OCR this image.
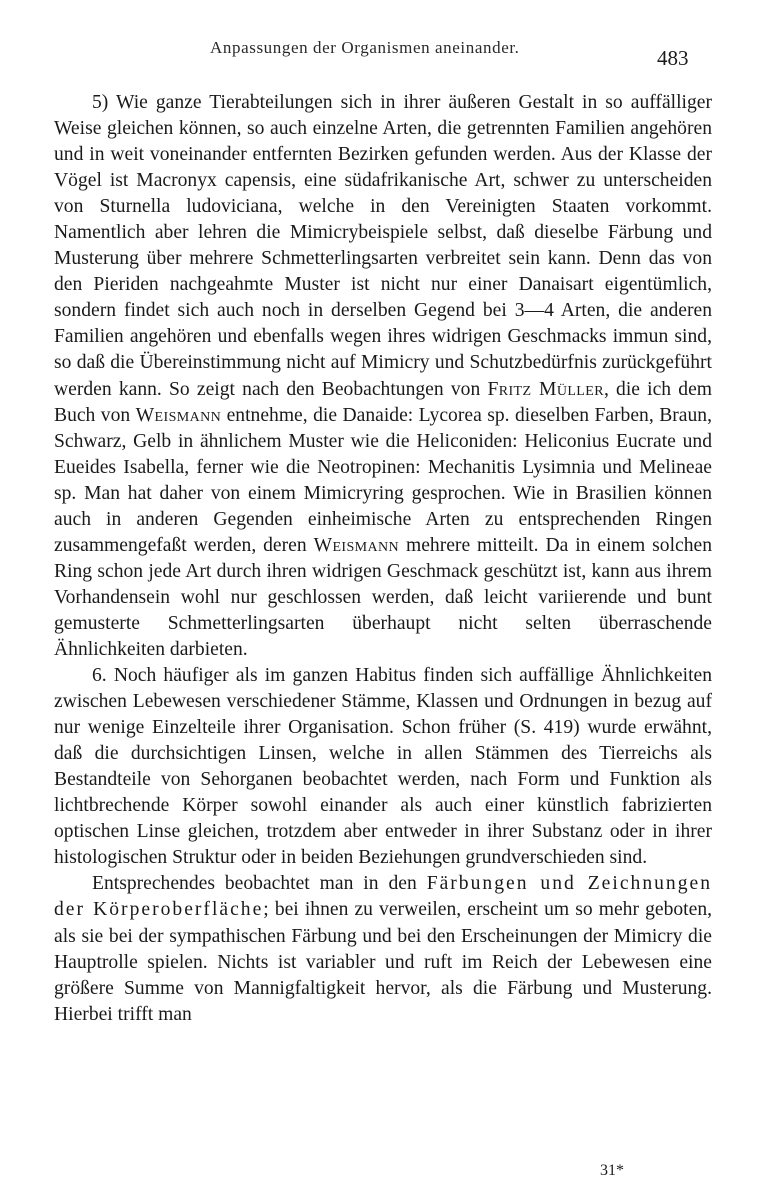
Anpassungen der Organismen aneinander.	483

5) Wie ganze Tierabteilungen sich in ihrer äußeren Gestalt in so auffälliger Weise gleichen können, so auch einzelne Arten, die getrennten Familien angehören und in weit voneinander entfernten Bezirken gefunden werden. Aus der Klasse der Vögel ist Macronyx capensis, eine südafrikanische Art, schwer zu unterscheiden von Sturnella ludoviciana, welche in den Vereinigten Staaten vorkommt. Namentlich aber lehren die Mimicrybeispiele selbst, daß dieselbe Färbung und Musterung über mehrere Schmetterlingsarten verbreitet sein kann. Denn das von den Pieriden nachgeahmte Muster ist nicht nur einer Danaisart eigentümlich, sondern findet sich auch noch in derselben Gegend bei 3—4 Arten, die anderen Familien angehören und ebenfalls wegen ihres widrigen Geschmacks immun sind, so daß die Übereinstimmung nicht auf Mimicry und Schutzbedürfnis zurückgeführt werden kann. So zeigt nach den Beobachtungen von Fritz Müller, die ich dem Buch von Weismann entnehme, die Danaide: Lycorea sp. dieselben Farben, Braun, Schwarz, Gelb in ähnlichem Muster wie die Heliconiden: Heliconius Eucrate und Eueides Isabella, ferner wie die Neotropinen: Mechanitis Lysimnia und Melineae sp. Man hat daher von einem Mimicryring gesprochen. Wie in Brasilien können auch in anderen Gegenden einheimische Arten zu entsprechenden Ringen zusammengefaßt werden, deren Weismann mehrere mitteilt. Da in einem solchen Ring schon jede Art durch ihren widrigen Geschmack geschützt ist, kann aus ihrem Vorhandensein wohl nur geschlossen werden, daß leicht variierende und bunt gemusterte Schmetterlingsarten überhaupt nicht selten überraschende Ähnlichkeiten darbieten.

6. Noch häufiger als im ganzen Habitus finden sich auffällige Ähnlichkeiten zwischen Lebewesen verschiedener Stämme, Klassen und Ordnungen in bezug auf nur wenige Einzelteile ihrer Organisation. Schon früher (S. 419) wurde erwähnt, daß die durchsichtigen Linsen, welche in allen Stämmen des Tierreichs als Bestandteile von Sehorganen beobachtet werden, nach Form und Funktion als lichtbrechende Körper sowohl einander als auch einer künstlich fabrizierten optischen Linse gleichen, trotzdem aber entweder in ihrer Substanz oder in ihrer histologischen Struktur oder in beiden Beziehungen grundverschieden sind.

Entsprechendes beobachtet man in den Färbungen und Zeichnungen der Körperoberfläche; bei ihnen zu verweilen, erscheint um so mehr geboten, als sie bei der sympathischen Färbung und bei den Erscheinungen der Mimicry die Hauptrolle spielen. Nichts ist variabler und ruft im Reich der Lebewesen eine größere Summe von Mannigfaltigkeit hervor, als die Färbung und Musterung. Hierbei trifft man

31*
